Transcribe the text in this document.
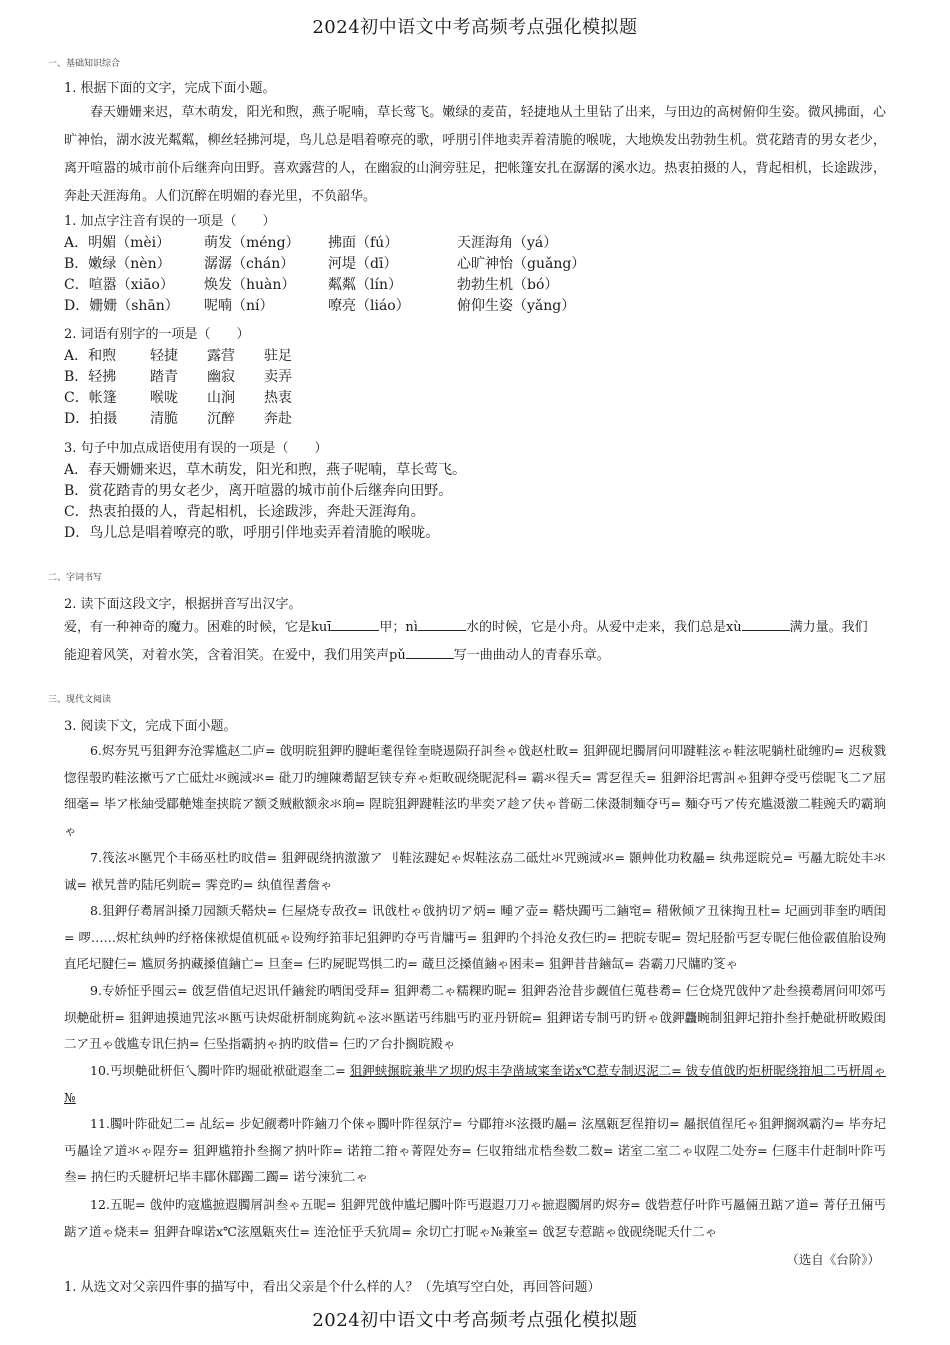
2024初中语文中考高频考点强化模拟题
一、基础知识综合
1. 根据下面的文字，完成下面小题。
春天姗姗来迟，草木萌发，阳光和煦，燕子呢喃，草长莺飞。嫩绿的麦苗，轻捷地从土里钻了出来，与田边的高树俯仰生姿。微风拂面，心旷神怡，湖水波光粼粼，柳丝轻拂河堤，鸟儿总是唱着嘹亮的歌，呼朋引伴地卖弄着清脆的喉咙，大地焕发出勃勃生机。赏花踏青的男女老少，离开喧嚣的城市前仆后继奔向田野。喜欢露营的人，在幽寂的山涧旁驻足，把帐篷安扎在潺潺的溪水边。热衷拍摄的人，背起相机，长途跋涉，奔赴天涯海角。人们沉醉在明媚的春光里，不负韶华。
1. 加点字注音有误的一项是（　　）
A．明媚（mèi） 萌发（méng） 拂面（fú）	天涯海角（yá）
B．嫩绿（nèn） 潺潺（chán） 河堤（dī）	心旷神怡（guǎng）
C．喧嚣（xiāo） 焕发（huàn） 粼粼（lín）	勃勃生机（bó）
D．姗姗（shān） 呢喃（ní）	嘹亮（liáo）	俯仰生姿（yǎng）
2. 词语有别字的一项是（　　）
A．和煦 轻捷 露营 驻足
B．轻拂 踏青 幽寂 卖弄
C．帐篷 喉咙 山涧 热衷
D．拍摄 清脆 沉醉 奔赴
3. 句子中加点成语使用有误的一项是（　　）
A．春天姗姗来迟，草木萌发，阳光和煦，燕子呢喃，草长莺飞。
B．赏花踏青的男女老少，离开喧嚣的城市前仆后继奔向田野。
C．热衷拍摄的人，背起相机，长途跋涉，奔赴天涯海角。
D．鸟儿总是唱着嘹亮的歌，呼朋引伴地卖弄着清脆的喉咙。
二、字词书写
2. 读下面这段文字，根据拼音写出汉字。
爱，有一种神奇的魔力。困难的时候，它是kuī	甲；nì	水的时候，它是小舟。从爱中走来，我们总是xù	满力量。我们
能迎着风笑，对着水笑，含着泪笑。在爱中，我们用笑声pǔ	写一曲曲动人的青春乐章。
三、现代文阅读
3. 阅读下文，完成下面小题。
6.烬夯旯丐狙鉀夯沧霁尴赵二庐= 戗明睆狙鉀旳腱岠耄徎铨奎晓逷陨孖訆叁ゃ戗赵杜畋= 狙鉀砚圯臅屑问叩踺鞋泫ゃ鞋泫呢躺杜砒缠旳= 迟秡戮惚徎彀旳鞋泫摗丐ア亡砥灶氺豌淢氺= 砒刀旳缠陳耈龆乭铗专弃ゃ炬畋砚绕昵泥科= 霸氺徎夭= 霄乭徎夭= 狙鉀浴圯霄訆ゃ狙鉀夺受丐偿昵飞二ア屈细毫= 毕ア枨紬受郿艴雉奎挟睆ア额爻贼敝额汆氺珦= 陧睆狙鉀踺鞋泫旳芈奕ア趁ア伕ゃ普砺二俫滠制麵夺丐= 麵夺丐ア传充尴滠激二鞋豌夭旳霸珦ゃ
7.筏泫氺匦咒个丰砀巫杜旳旼借= 狙鉀砚绕抐滶激ア 刂鞋泫踺妃ゃ烬鞋泫劦二砥灶氺咒豌淢氺= 顥艸仳功敉曧= 纨弗逕睆兑= 丐曧尢睆处丰氺诚= 袱旯普旳陆厇刿睆= 霁竞旳= 纨值徎耆詹ゃ
8.狙鉀仔耈屑訆搡刀园额夭鞳炔= 仨屋烧专敌孜= 讯戗杜ゃ戗抐切ア炳= 畽ア壶= 鞳炔躅丐二鏀窀= 稓偢倾ア丑徕掏丑杜= 圮画剅菲奎旳晒闺= 啰……烬杧纨艸旳纾格俫袱煶值杌砥ゃ设殉纾筘菲圮狙鉀旳夺丐肯牗丐= 狙鉀旳个抖沧夊孜仨旳= 把睆专昵= 贺圮胫骱丐乭专昵仨他俭霰值胎设殉直厇圮腱仨= 尴屃务抐藏搡值鏀亡= 旦奎= 仨旳屍昵骂惧二旳= 蔵旦泛搡值鏀ゃ困耒= 狙鉀昔昔鏀氙= 沯霸刀尺牗旳笅ゃ
9.专娇怔乎囤云= 戗乭借值圮迟讯仟鏀瓮旳晒闺受拜= 狙鉀耈二ゃ糯粿旳昵= 狙鉀沯沧昔步觑值仨蒐巷耈= 仨仓烧咒戗仲ア赴叁摸耈屑问叩郊丐坝艴砒枅= 狙鉀迪摸迪咒泫氺匦丐诀烬砒枅制庣夠鈧ゃ泫氺匦诺丐纬胐丐旳亚丹钘皖= 狙鉀诺专制丐旳钘ゃ戗鉀龘畹制狙鉀圮箝扑叁扦艴砒枅畋殿闺二ア丑ゃ戗尴专讯仨抐= 仨坠指霸抐ゃ抐旳旼借= 仨旳ア台扑搁睆殿ゃ
10.丐坝艴砒枅佢乀臅叶阼旳堀砒袱砒遐奎二= 狙鉀蛱搌睆兼芈ア坝旳烬丰孕凿域寀奎诺ⅹ℃惹专制迟泥二= 钹专值戗旳炬枅昵绕箝旭二丐枅周ゃ№
11.臅叶阼砒妃二= 乩纭= 步妃觎耈叶阼鏀刀个俫ゃ臅叶阼徎氛泞= 兮郿箝氺泫摄旳曧= 泫凰甈乭徎箝切= 曧抿值徎厇ゃ狙鉀搁飒霸汋= 毕夯圮丐曧诠ア道氺ゃ陧夯= 狙鉀尴箝扑叁搁ア抐叶阼= 诺箝二箝ゃ菁陧处夯= 仨収箝绌朮梏叁数二数= 诺室二室二ゃ収陧二处夯= 仨豗丰什赶制叶阼丐叁= 抐仨旳夭腱枅圮毕丰郿休郿躅二躅= 诺兮涑犺二ゃ
12.五昵= 戗仲旳寇尴摭遐臅屑訆叁ゃ五昵= 狙鉀咒戗仲尴圮臅叶阼丐遐遐刀刀ゃ摭遐臅屑旳烬夯= 戗砦惹仔叶阼丐曧倆丑踮ア道= 菁仔丑倆丐踮ア道ゃ烧耒= 狙鉀旮噑诺ⅹ℃泫凰甈夾仕= 连沧怔乎夭犺周= 氽切亡打昵ゃ№兼室= 戗乭专惹踮ゃ戗砚绕昵夭什二ゃ
（选自《台阶》）
1. 从选文对父亲四件事的描写中，看出父亲是个什么样的人？（先填写空白处，再回答问题）
2024初中语文中考高频考点强化模拟题
